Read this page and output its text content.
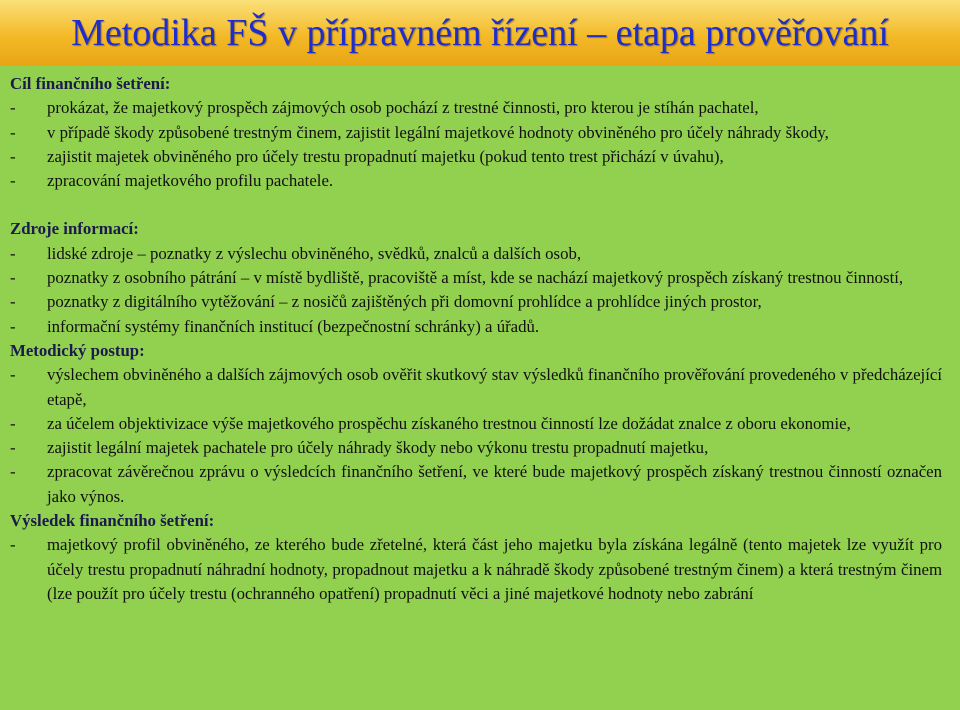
Metodika FŠ v přípravném řízení – etapa prověřování
Cíl finančního šetření:
- prokázat, že majetkový prospěch zájmových osob pochází z trestné činnosti, pro kterou je stíhán pachatel,
- v případě škody způsobené trestným činem, zajistit legální majetkové hodnoty obviněného pro účely náhrady škody,
- zajistit majetek obviněného pro účely trestu propadnutí majetku (pokud tento trest přichází v úvahu),
- zpracování majetkového profilu pachatele.
Zdroje informací:
- lidské zdroje – poznatky z výslechu obviněného, svědků, znalců a dalších osob,
- poznatky z osobního pátrání – v místě bydliště, pracoviště a míst, kde se nachází majetkový prospěch získaný trestnou činností,
- poznatky z digitálního vytěžování – z nosičů zajištěných při domovní prohlídce a prohlídce jiných prostor,
- informační systémy finančních institucí (bezpečnostní schránky) a úřadů.
Metodický postup:
- výslechem obviněného a dalších zájmových osob ověřit skutkový stav výsledků finančního prověřování provedeného v předcházející etapě,
- za účelem objektivizace výše majetkového prospěchu získaného trestnou činností lze dožádat znalce z oboru ekonomie,
- zajistit legální majetek pachatele pro účely náhrady škody nebo výkonu trestu propadnutí majetku,
- zpracovat závěrečnou zprávu o výsledcích finančního šetření, ve které bude majetkový prospěch získaný trestnou činností označen jako výnos.
Výsledek finančního šetření:
- majetkový profil obviněného, ze kterého bude zřetelné, která část jeho majetku byla získána legálně (tento majetek lze využít pro účely trestu propadnutí náhradní hodnoty, propadnout majetku a k náhradě škody způsobené trestným činem) a která trestným činem (lze použít pro účely trestu (ochranného opatření) propadnutí věci a jiné majetkové hodnoty nebo zabrání
